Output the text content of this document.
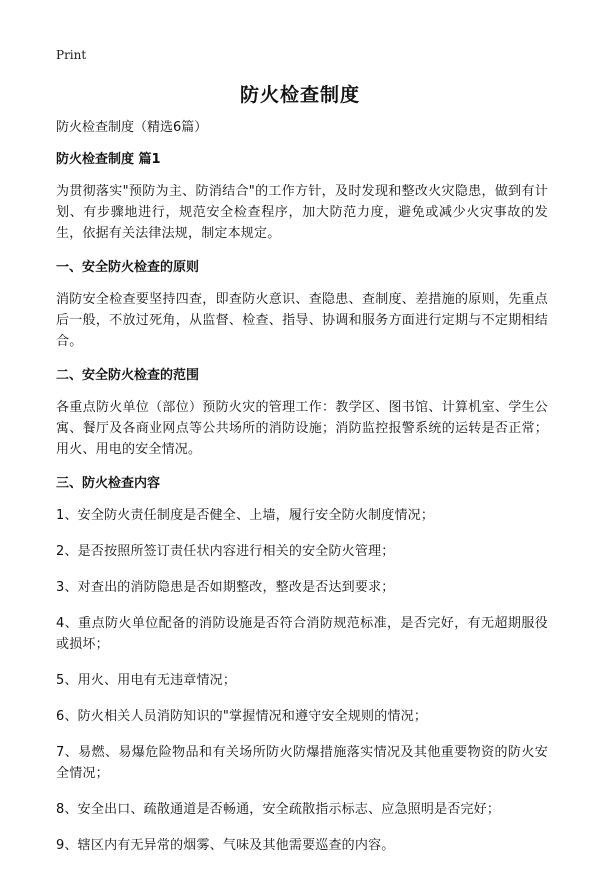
Print
防火检查制度

防火检查制度（精选6篇）

防火检查制度 篇1

为贯彻落实"预防为主、防消结合"的工作方针，及时发现和整改火灾隐患，做到有计划、有步骤地进行，规范安全检查程序，加大防范力度，避免或减少火灾事故的发生，依据有关法律法规，制定本规定。

一、安全防火检查的原则

消防安全检查要坚持四查，即查防火意识、查隐患、查制度、差措施的原则，先重点后一般，不放过死角，从监督、检查、指导、协调和服务方面进行定期与不定期相结合。

二、安全防火检查的范围

各重点防火单位（部位）预防火灾的管理工作：教学区、图书馆、计算机室、学生公寓、餐厅及各商业网点等公共场所的消防设施；消防监控报警系统的运转是否正常；用火、用电的安全情况。

三、防火检查内容

1、安全防火责任制度是否健全、上墙，履行安全防火制度情况；

2、是否按照所签订责任状内容进行相关的安全防火管理；

3、对查出的消防隐患是否如期整改，整改是否达到要求；

4、重点防火单位配备的消防设施是否符合消防规范标准，是否完好，有无超期服役或损坏；

5、用火、用电有无违章情况；

6、防火相关人员消防知识的"掌握情况和遵守安全规则的情况；

7、易燃、易爆危险物品和有关场所防火防爆措施落实情况及其他重要物资的防火安全情况；

8、安全出口、疏散通道是否畅通，安全疏散指示标志、应急照明是否完好；

9、辖区内有无异常的烟雾、气味及其他需要巡查的内容。
